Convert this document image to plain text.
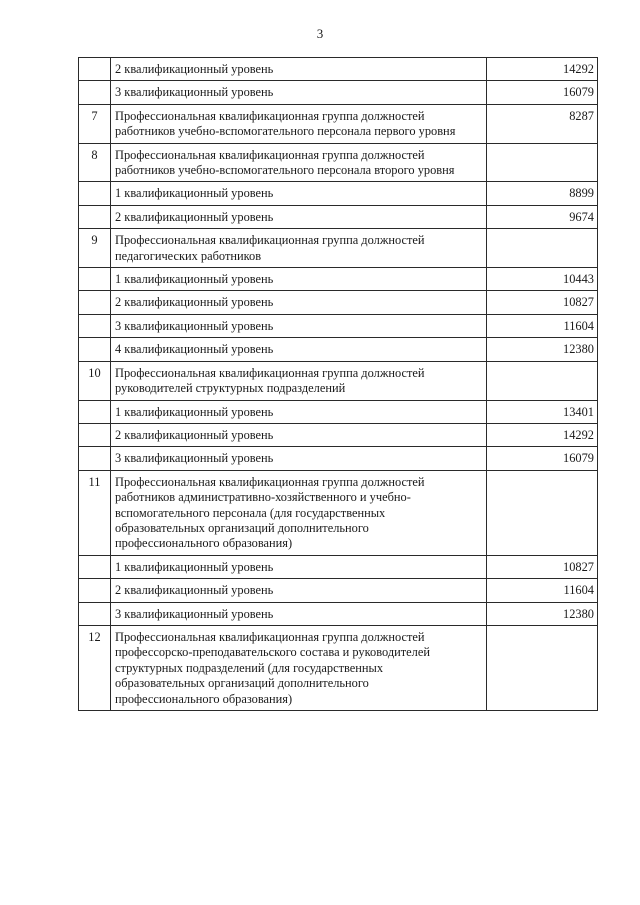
3
	2 квалификационный уровень	14292
	3 квалификационный уровень	16079
7	Профессиональная квалификационная группа должностей работников учебно-вспомогательного персонала первого уровня	8287
8	Профессиональная квалификационная группа должностей работников учебно-вспомогательного персонала второго уровня	
	1 квалификационный уровень	8899
	2 квалификационный уровень	9674
9	Профессиональная квалификационная группа должностей педагогических работников	
	1 квалификационный уровень	10443
	2 квалификационный уровень	10827
	3 квалификационный уровень	11604
	4 квалификационный уровень	12380
10	Профессиональная квалификационная группа должностей руководителей структурных подразделений	
	1 квалификационный уровень	13401
	2 квалификационный уровень	14292
	3 квалификационный уровень	16079
11	Профессиональная квалификационная группа должностей работников административно-хозяйственного и учебно-вспомогательного персонала (для государственных образовательных организаций дополнительного профессионального образования)	
	1 квалификационный уровень	10827
	2 квалификационный уровень	11604
	3 квалификационный уровень	12380
12	Профессиональная квалификационная группа должностей профессорско-преподавательского состава и руководителей структурных подразделений (для государственных образовательных организаций дополнительного профессионального образования)	
